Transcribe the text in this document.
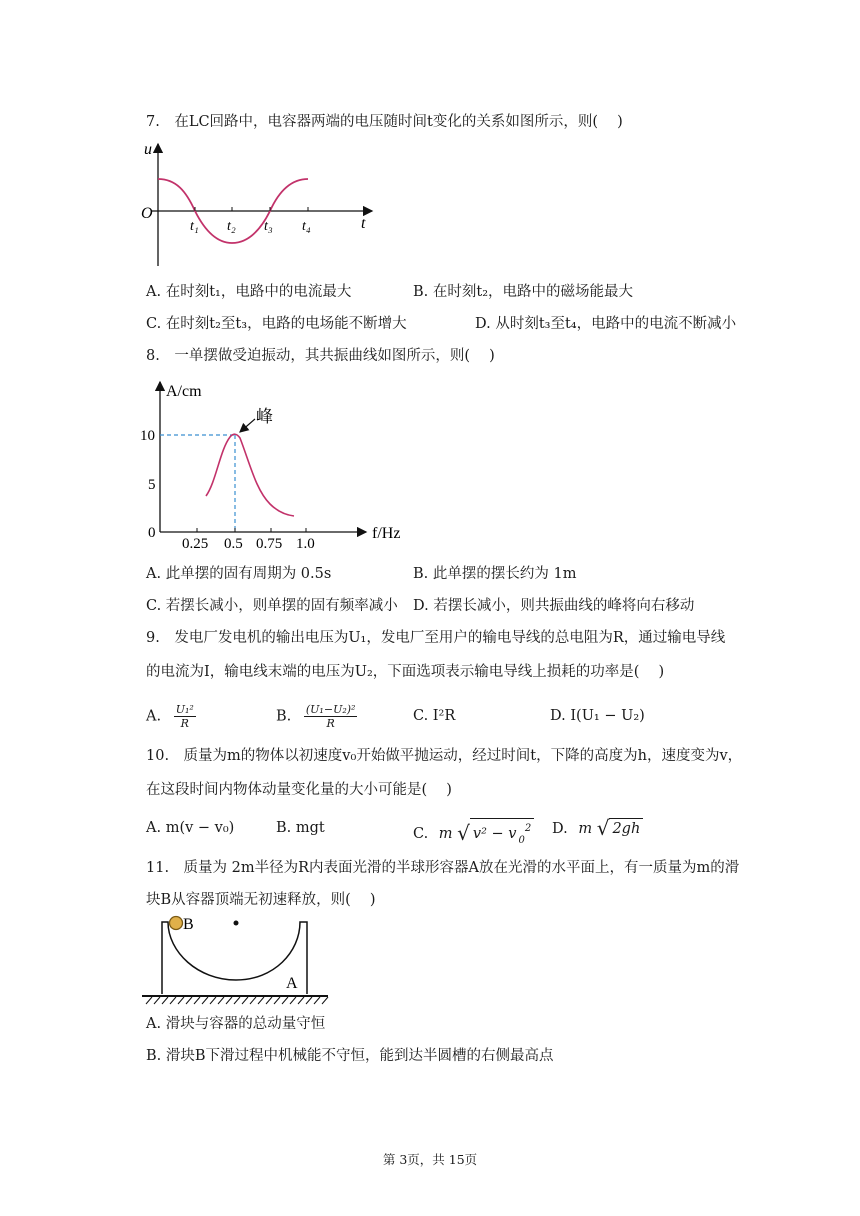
7.　在LC回路中，电容器两端的电压随时间t变化的关系如图所示，则(　 )
u
O
t
t₁ t₂ t₃ t₄
A. 在时刻t₁，电路中的电流最大	B. 在时刻t₂，电路中的磁场能最大
C. 在时刻t₂至t₃，电路的电场能不断增大	D. 从时刻t₃至t₄，电路中的电流不断减小
8.　一单摆做受迫振动，其共振曲线如图所示，则(　 )
峰
A/cm
f/Hz
10
5
0
0.25 0.5 0.75 1.0
A. 此单摆的固有周期为 0.5s	B. 此单摆的摆长约为 1m
C. 若摆长减小，则单摆的固有频率减小 D. 若摆长减小，则共振曲线的峰将向右移动
9.　发电厂发电机的输出电压为U₁，发电厂至用户的输电导线的总电阻为R，通过输电导线
的电流为I，输电线末端的电压为U₂，下面选项表示输电导线上损耗的功率是(　 )
A. $\frac{\text{U₁²}}{R}$	B. $\frac{\text{(U₁−U₂)²}}{R}$	C. I²R	D. I(U₁ − U₂)
10.　质量为m的物体以初速度v₀开始做平抛运动，经过时间t，下降的高度为h，速度变为v，
在这段时间内物体动量变化量的大小可能是(　 )
A. m(v − v₀)	B. mgt	C. m √ v² − v $_0^2$ D. m √ 2gh
11.　质量为 2m半径为R内表面光滑的半球形容器A放在光滑的水平面上，有一质量为m的滑
块B从容器顶端无初速释放，则(　 )
B
A
A. 滑块与容器的总动量守恒
B. 滑块B下滑过程中机械能不守恒，能到达半圆槽的右侧最高点
第 3页，共 15页
